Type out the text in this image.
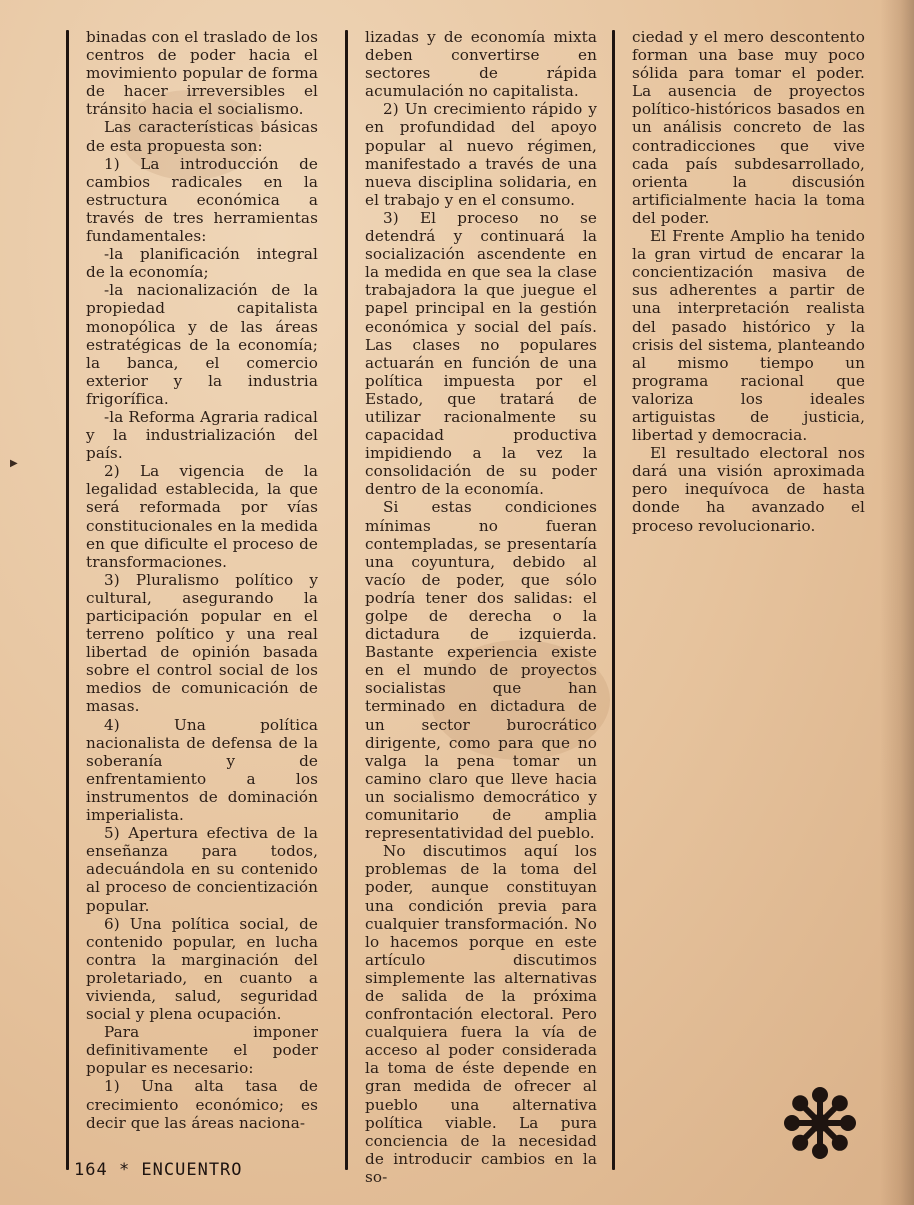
▶

binadas con el traslado de los centros de poder hacia el movimiento popular de forma de hacer irreversibles el tránsito hacia el socialismo.

Las características básicas de esta propuesta son:

1) La introducción de cambios radicales en la estructura económica a través de tres herramientas fundamentales:

-la planificación integral de la economía;

-la nacionalización de la propiedad capitalista monopólica y de las áreas estratégicas de la economía; la banca, el comercio exterior y la industria frigorífica.

-la Reforma Agraria radical y la industrialización del país.

2) La vigencia de la legalidad establecida, la que será reformada por vías constitucionales en la medida en que dificulte el proceso de transformaciones.

3) Pluralismo político y cultural, asegurando la participación popular en el terreno político y una real libertad de opinión basada sobre el control social de los medios de comunicación de masas.

4) Una política nacionalista de defensa de la soberanía y de enfrentamiento a los instrumentos de dominación imperialista.

5) Apertura efectiva de la enseñanza para todos, adecuándola en su contenido al proceso de concientización popular.

6) Una política social, de contenido popular, en lucha contra la marginación del proletariado, en cuanto a vivienda, salud, seguridad social y plena ocupación.

Para imponer definitivamente el poder popular es necesario:

1) Una alta tasa de crecimiento económico; es decir que las áreas naciona-

lizadas y de economía mixta deben convertirse en sectores de rápida acumulación no capitalista.

2) Un crecimiento rápido y en profundidad del apoyo popular al nuevo régimen, manifestado a través de una nueva disciplina solidaria, en el trabajo y en el consumo.

3) El proceso no se detendrá y continuará la socialización ascendente en la medida en que sea la clase trabajadora la que juegue el papel principal en la gestión económica y social del país. Las clases no populares actuarán en función de una política impuesta por el Estado, que tratará de utilizar racionalmente su capacidad productiva impidiendo a la vez la consolidación de su poder dentro de la economía.

Si estas condiciones mínimas no fueran contempladas, se presentaría una coyuntura, debido al vacío de poder, que sólo podría tener dos salidas: el golpe de derecha o la dictadura de izquierda. Bastante experiencia existe en el mundo de proyectos socialistas que han terminado en dictadura de un sector burocrático dirigente, como para que no valga la pena tomar un camino claro que lleve hacia un socialismo democrático y comunitario de amplia representatividad del pueblo.

No discutimos aquí los problemas de la toma del poder, aunque constituyan una condición previa para cualquier transformación. No lo hacemos porque en este artículo discutimos simplemente las alternativas de salida de la próxima confrontación electoral. Pero cualquiera fuera la vía de acceso al poder considerada la toma de éste depende en gran medida de ofrecer al pueblo una alternativa política viable. La pura conciencia de la necesidad de introducir cambios en la so-

ciedad y el mero descontento forman una base muy poco sólida para tomar el poder. La ausencia de proyectos político-históricos basados en un análisis concreto de las contradicciones que vive cada país subdesarrollado, orienta la discusión artificialmente hacia la toma del poder.

El Frente Amplio ha tenido la gran virtud de encarar la concientización masiva de sus adherentes a partir de una interpretación realista del pasado histórico y la crisis del sistema, planteando al mismo tiempo un programa racional que valoriza los ideales artiguistas de justicia, libertad y democracia.

El resultado electoral nos dará una visión aproximada pero inequívoca de hasta donde ha avanzado el proceso revolucionario.

164 * ENCUENTRO
